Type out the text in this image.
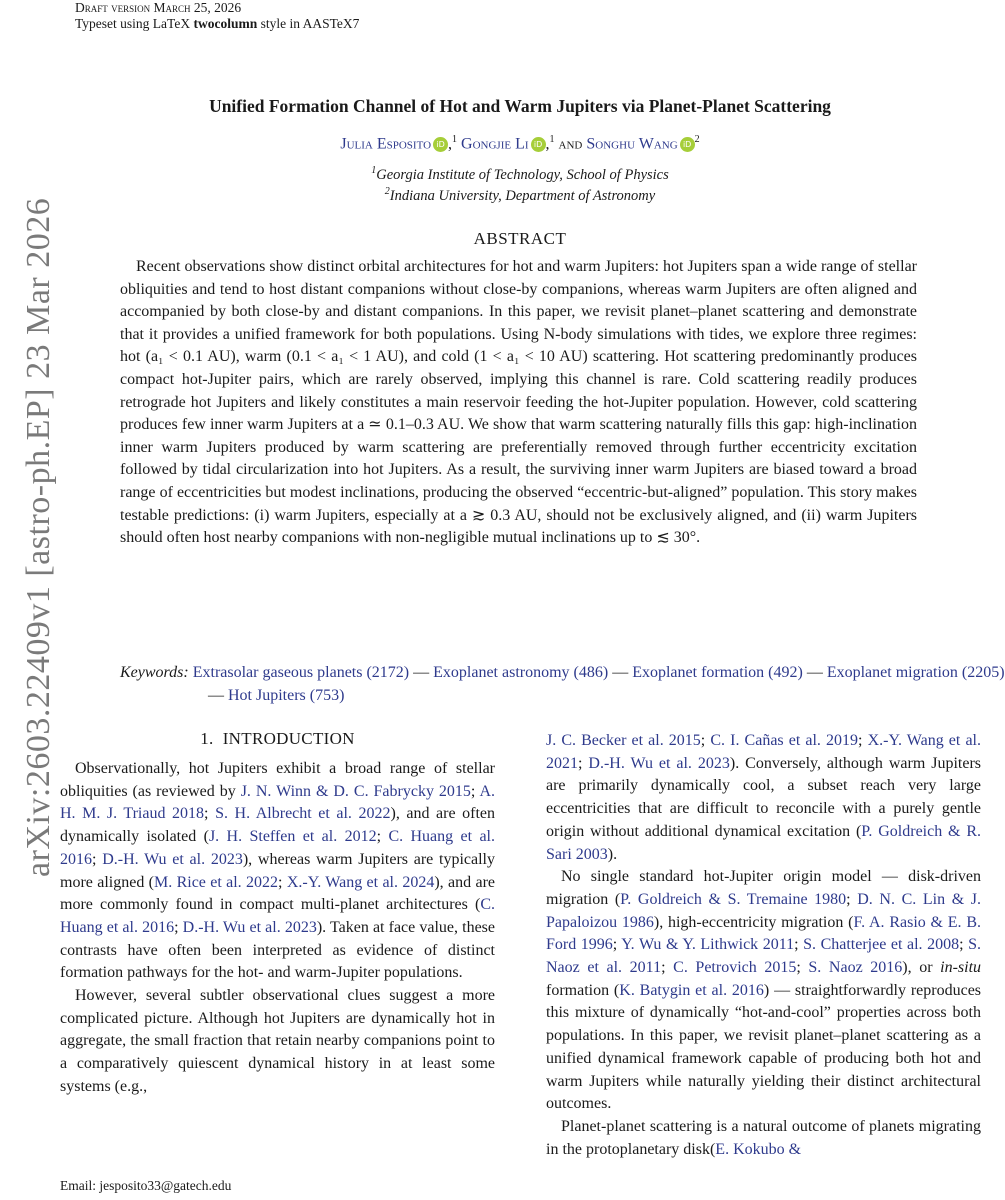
Draft version March 25, 2026
Typeset using LaTeX twocolumn style in AASTeX7
arXiv:2603.22409v1 [astro-ph.EP] 23 Mar 2026
Unified Formation Channel of Hot and Warm Jupiters via Planet-Planet Scattering
Julia Esposito iD ,$^1$ Gongjie Li iD ,$^1$ and Songhu Wang iD $^2$
$^1$Georgia Institute of Technology, School of Physics
$^2$Indiana University, Department of Astronomy
ABSTRACT

Recent observations show distinct orbital architectures for hot and warm Jupiters: hot Jupiters span a wide range of stellar obliquities and tend to host distant companions without close-by companions, whereas warm Jupiters are often aligned and accompanied by both close-by and distant companions. In this paper, we revisit planet–planet scattering and demonstrate that it provides a unified framework for both populations. Using N-body simulations with tides, we explore three regimes: hot (a₁ < 0.1 AU), warm (0.1 < a₁ < 1 AU), and cold (1 < a₁ < 10 AU) scattering. Hot scattering predominantly produces compact hot-Jupiter pairs, which are rarely observed, implying this channel is rare. Cold scattering readily produces retrograde hot Jupiters and likely constitutes a main reservoir feeding the hot-Jupiter population. However, cold scattering produces few inner warm Jupiters at a ≃ 0.1–0.3 AU. We show that warm scattering naturally fills this gap: high-inclination inner warm Jupiters produced by warm scattering are preferentially removed through further eccentricity excitation followed by tidal circularization into hot Jupiters. As a result, the surviving inner warm Jupiters are biased toward a broad range of eccentricities but modest inclinations, producing the observed “eccentric-but-aligned” population. This story makes testable predictions: (i) warm Jupiters, especially at a ≳ 0.3 AU, should not be exclusively aligned, and (ii) warm Jupiters should often host nearby companions with non-negligible mutual inclinations up to ≲ 30°.

Keywords: Extrasolar gaseous planets (2172) — Exoplanet astronomy (486) — Exoplanet formation (492) — Exoplanet migration (2205) — Hot Jupiters (753)

1. INTRODUCTION

Observationally, hot Jupiters exhibit a broad range of stellar obliquities (as reviewed by J. N. Winn & D. C. Fabrycky 2015; A. H. M. J. Triaud 2018; S. H. Albrecht et al. 2022), and are often dynamically isolated (J. H. Steffen et al. 2012; C. Huang et al. 2016; D.-H. Wu et al. 2023), whereas warm Jupiters are typically more aligned (M. Rice et al. 2022; X.-Y. Wang et al. 2024), and are more commonly found in compact multi-planet architectures (C. Huang et al. 2016; D.-H. Wu et al. 2023). Taken at face value, these contrasts have often been interpreted as evidence of distinct formation pathways for the hot- and warm-Jupiter populations.

However, several subtler observational clues suggest a more complicated picture. Although hot Jupiters are dynamically hot in aggregate, the small fraction that retain nearby companions point to a comparatively quiescent dynamical history in at least some systems (e.g.,

J. C. Becker et al. 2015; C. I. Cañas et al. 2019; X.-Y. Wang et al. 2021; D.-H. Wu et al. 2023). Conversely, although warm Jupiters are primarily dynamically cool, a subset reach very large eccentricities that are difficult to reconcile with a purely gentle origin without additional dynamical excitation (P. Goldreich & R. Sari 2003).

No single standard hot-Jupiter origin model — disk-driven migration (P. Goldreich & S. Tremaine 1980; D. N. C. Lin & J. Papaloizou 1986), high-eccentricity migration (F. A. Rasio & E. B. Ford 1996; Y. Wu & Y. Lithwick 2011; S. Chatterjee et al. 2008; S. Naoz et al. 2011; C. Petrovich 2015; S. Naoz 2016), or in-situ formation (K. Batygin et al. 2016) — straightforwardly reproduces this mixture of dynamically “hot-and-cool” properties across both populations. In this paper, we revisit planet–planet scattering as a unified dynamical framework capable of producing both hot and warm Jupiters while naturally yielding their distinct architectural outcomes.

Planet-planet scattering is a natural outcome of planets migrating in the protoplanetary disk(E. Kokubo &

Email: jesposito33@gatech.edu
